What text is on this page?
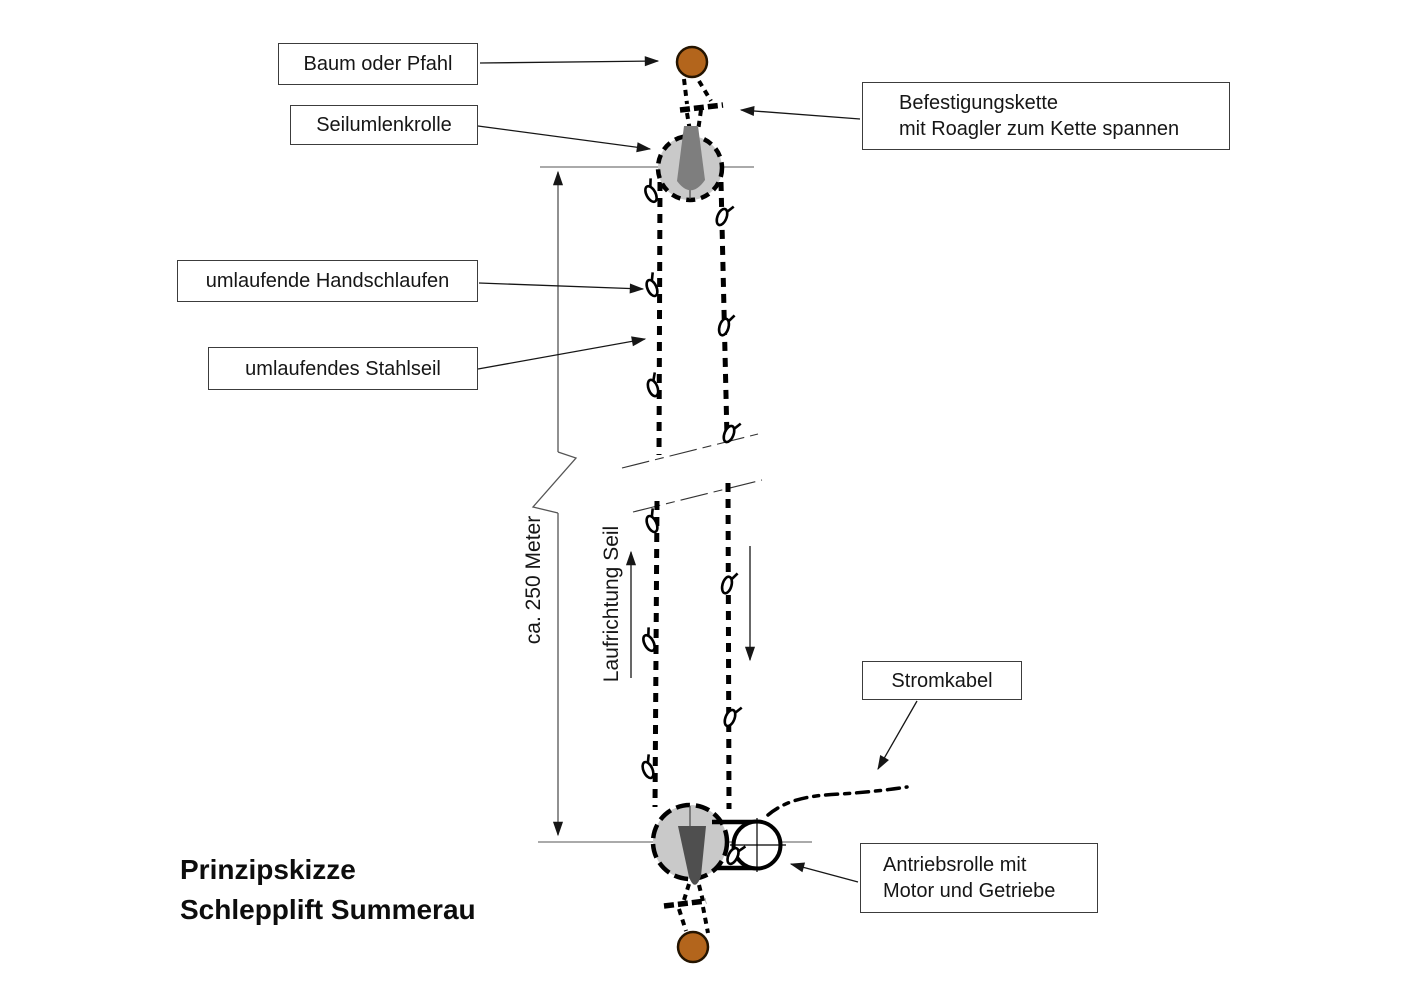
Baum oder Pfahl
Seilumlenkrolle
Befestigungskette
mit Roagler zum Kette spannen
umlaufende Handschlaufen
umlaufendes Stahlseil
Stromkabel
Antriebsrolle mit
Motor und Getriebe
ca. 250 Meter	Laufrichtung Seil
Prinzipskizze
Schlepplift Summerau
